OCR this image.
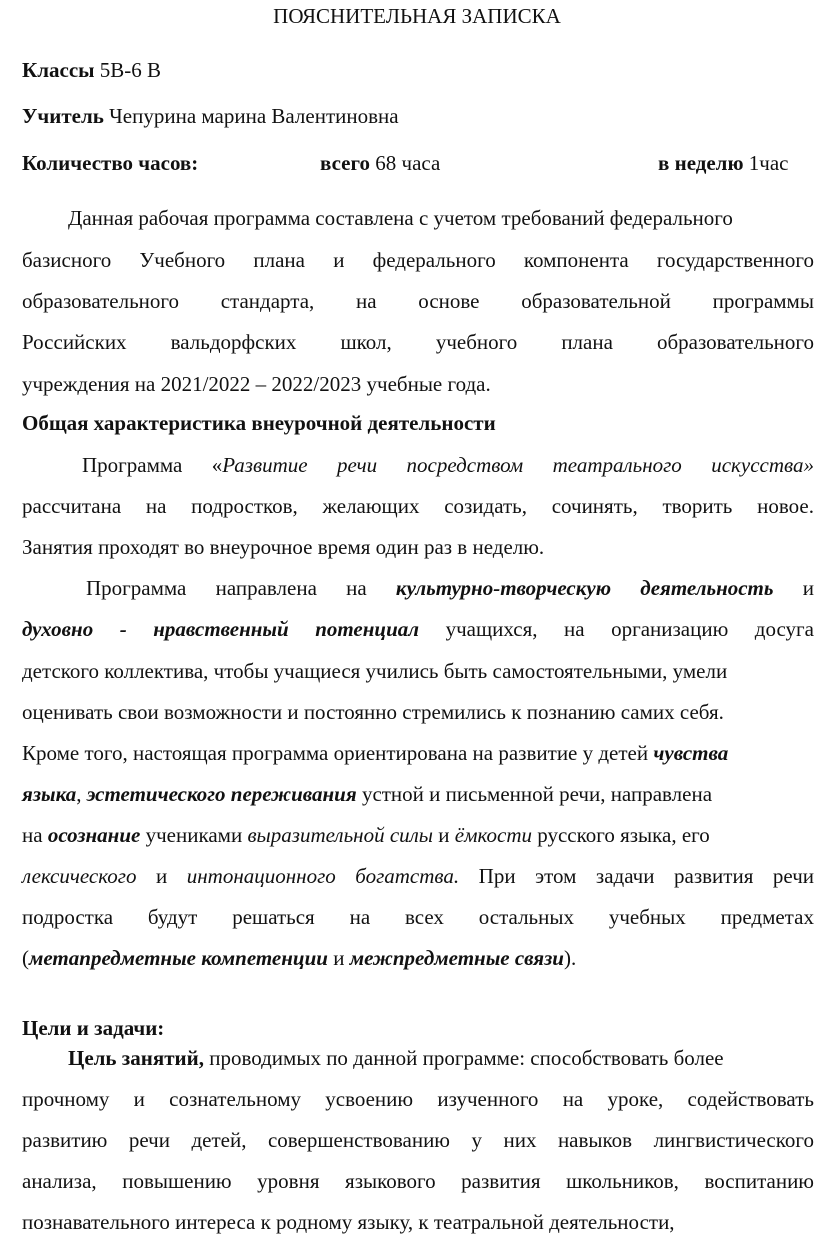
ПОЯСНИТЕЛЬНАЯ ЗАПИСКА
Классы 5В-6 В
Учитель Чепурина марина Валентиновна
Количество часов:	всего 68 часа	в неделю 1час
Данная рабочая программа составлена с учетом требований федерального
базисного Учебного плана и федерального компонента государственного
образовательного стандарта, на основе образовательной программы
Российских вальдорфских школ, учебного плана образовательного
учреждения на 2021/2022 – 2022/2023 учебные года.
Общая характеристика внеурочной деятельности
Программа «Развитие речи посредством театрального искусства»
рассчитана на подростков, желающих созидать, сочинять, творить новое.
Занятия проходят во внеурочное время один раз в неделю.
Программа направлена на культурно-творческую деятельность и
духовно - нравственный потенциал учащихся, на организацию досуга
детского коллектива, чтобы учащиеся учились быть самостоятельными, умели
оценивать свои возможности и постоянно стремились к познанию самих себя.
Кроме того, настоящая программа ориентирована на развитие у детей чувства
языка, эстетического переживания устной и письменной речи, направлена
на осознание учениками выразительной силы и ёмкости русского языка, его
лексического и интонационного богатства. При этом задачи развития речи
подростка будут решаться на всех остальных учебных предметах
(метапредметные компетенции и межпредметные связи).
Цели и задачи:
Цель занятий, проводимых по данной программе: способствовать более
прочному и сознательному усвоению изученного на уроке, содействовать
развитию речи детей, совершенствованию у них навыков лингвистического
анализа, повышению уровня языкового развития школьников, воспитанию
познавательного интереса к родному языку, к театральной деятельности,
